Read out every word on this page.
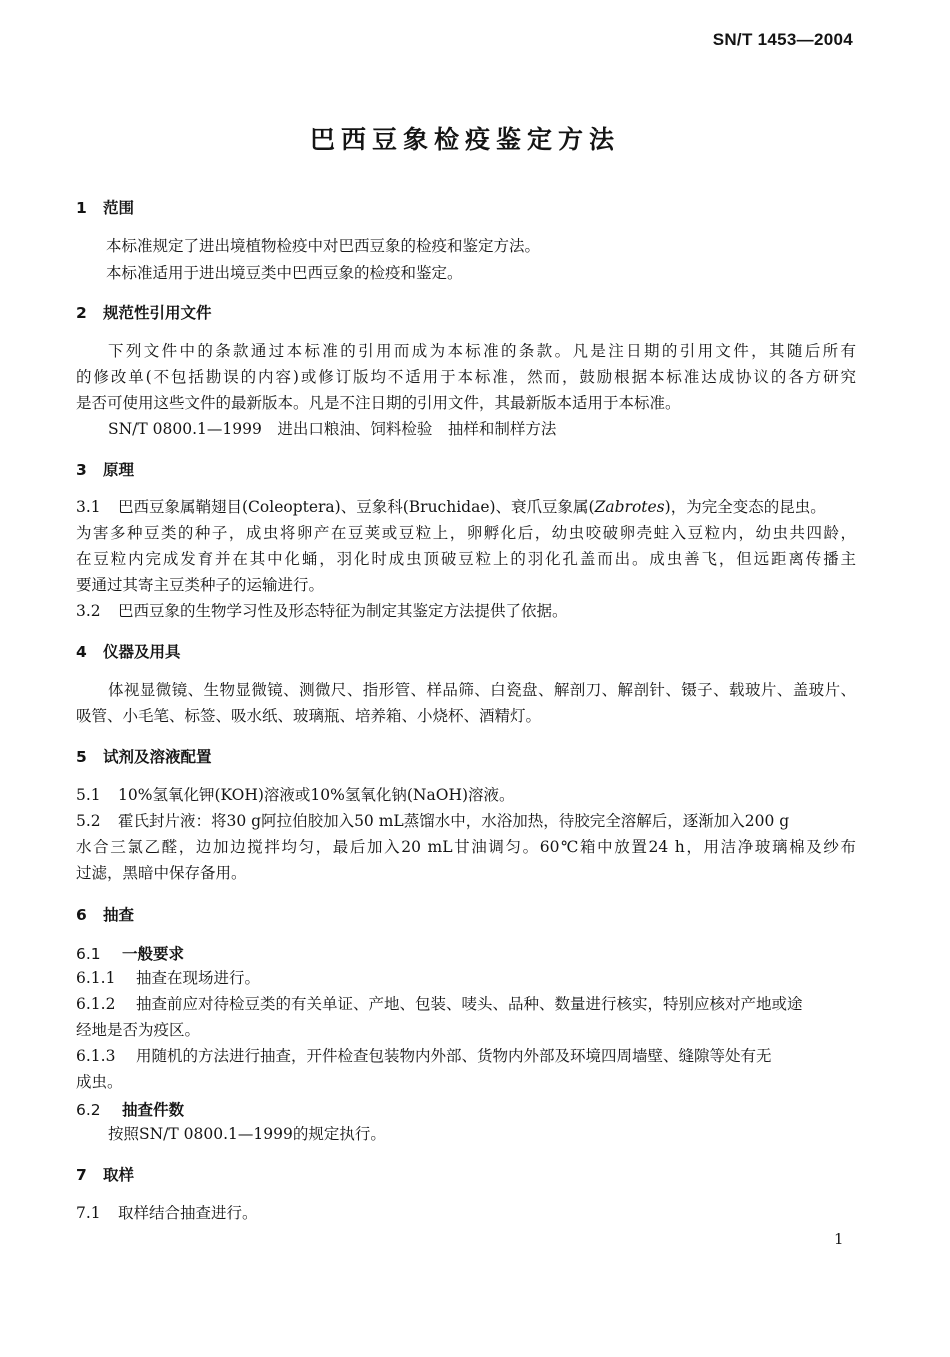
SN/T 1453—2004
巴西豆象检疫鉴定方法
1 范围
本标准规定了进出境植物检疫中对巴西豆象的检疫和鉴定方法。
本标准适用于进出境豆类中巴西豆象的检疫和鉴定。
2 规范性引用文件
下列文件中的条款通过本标准的引用而成为本标准的条款。凡是注日期的引用文件，其随后所有
的修改单(不包括勘误的内容)或修订版均不适用于本标准，然而，鼓励根据本标准达成协议的各方研究
是否可使用这些文件的最新版本。凡是不注日期的引用文件，其最新版本适用于本标准。
SN/T 0800.1—1999　进出口粮油、饲料检验　抽样和制样方法
3 原理
3.1 巴西豆象属鞘翅目(Coleoptera)、豆象科(Bruchidae)、衰爪豆象属(Zabrotes)，为完全变态的昆虫。
为害多种豆类的种子，成虫将卵产在豆荚或豆粒上，卵孵化后，幼虫咬破卵壳蛀入豆粒内，幼虫共四龄，
在豆粒内完成发育并在其中化蛹，羽化时成虫顶破豆粒上的羽化孔盖而出。成虫善飞，但远距离传播主
要通过其寄主豆类种子的运输进行。
3.2 巴西豆象的生物学习性及形态特征为制定其鉴定方法提供了依据。
4 仪器及用具
体视显微镜、生物显微镜、测微尺、指形管、样品筛、白瓷盘、解剖刀、解剖针、镊子、载玻片、盖玻片、
吸管、小毛笔、标签、吸水纸、玻璃瓶、培养箱、小烧杯、酒精灯。
5 试剂及溶液配置
5.1 10%氢氧化钾(KOH)溶液或10%氢氧化钠(NaOH)溶液。
5.2 霍氏封片液：将30 g阿拉伯胶加入50 mL蒸馏水中，水浴加热，待胶完全溶解后，逐渐加入200 g
水合三氯乙醛，边加边搅拌均匀，最后加入20 mL甘油调匀。60℃箱中放置24 h，用洁净玻璃棉及纱布
过滤，黑暗中保存备用。
6 抽查
6.1 一般要求
6.1.1 抽查在现场进行。
6.1.2 抽查前应对待检豆类的有关单证、产地、包装、唛头、品种、数量进行核实，特别应核对产地或途
经地是否为疫区。
6.1.3 用随机的方法进行抽查，开件检查包装物内外部、货物内外部及环境四周墙壁、缝隙等处有无
成虫。
6.2 抽查件数
按照SN/T 0800.1—1999的规定执行。
7 取样
7.1 取样结合抽查进行。
1
